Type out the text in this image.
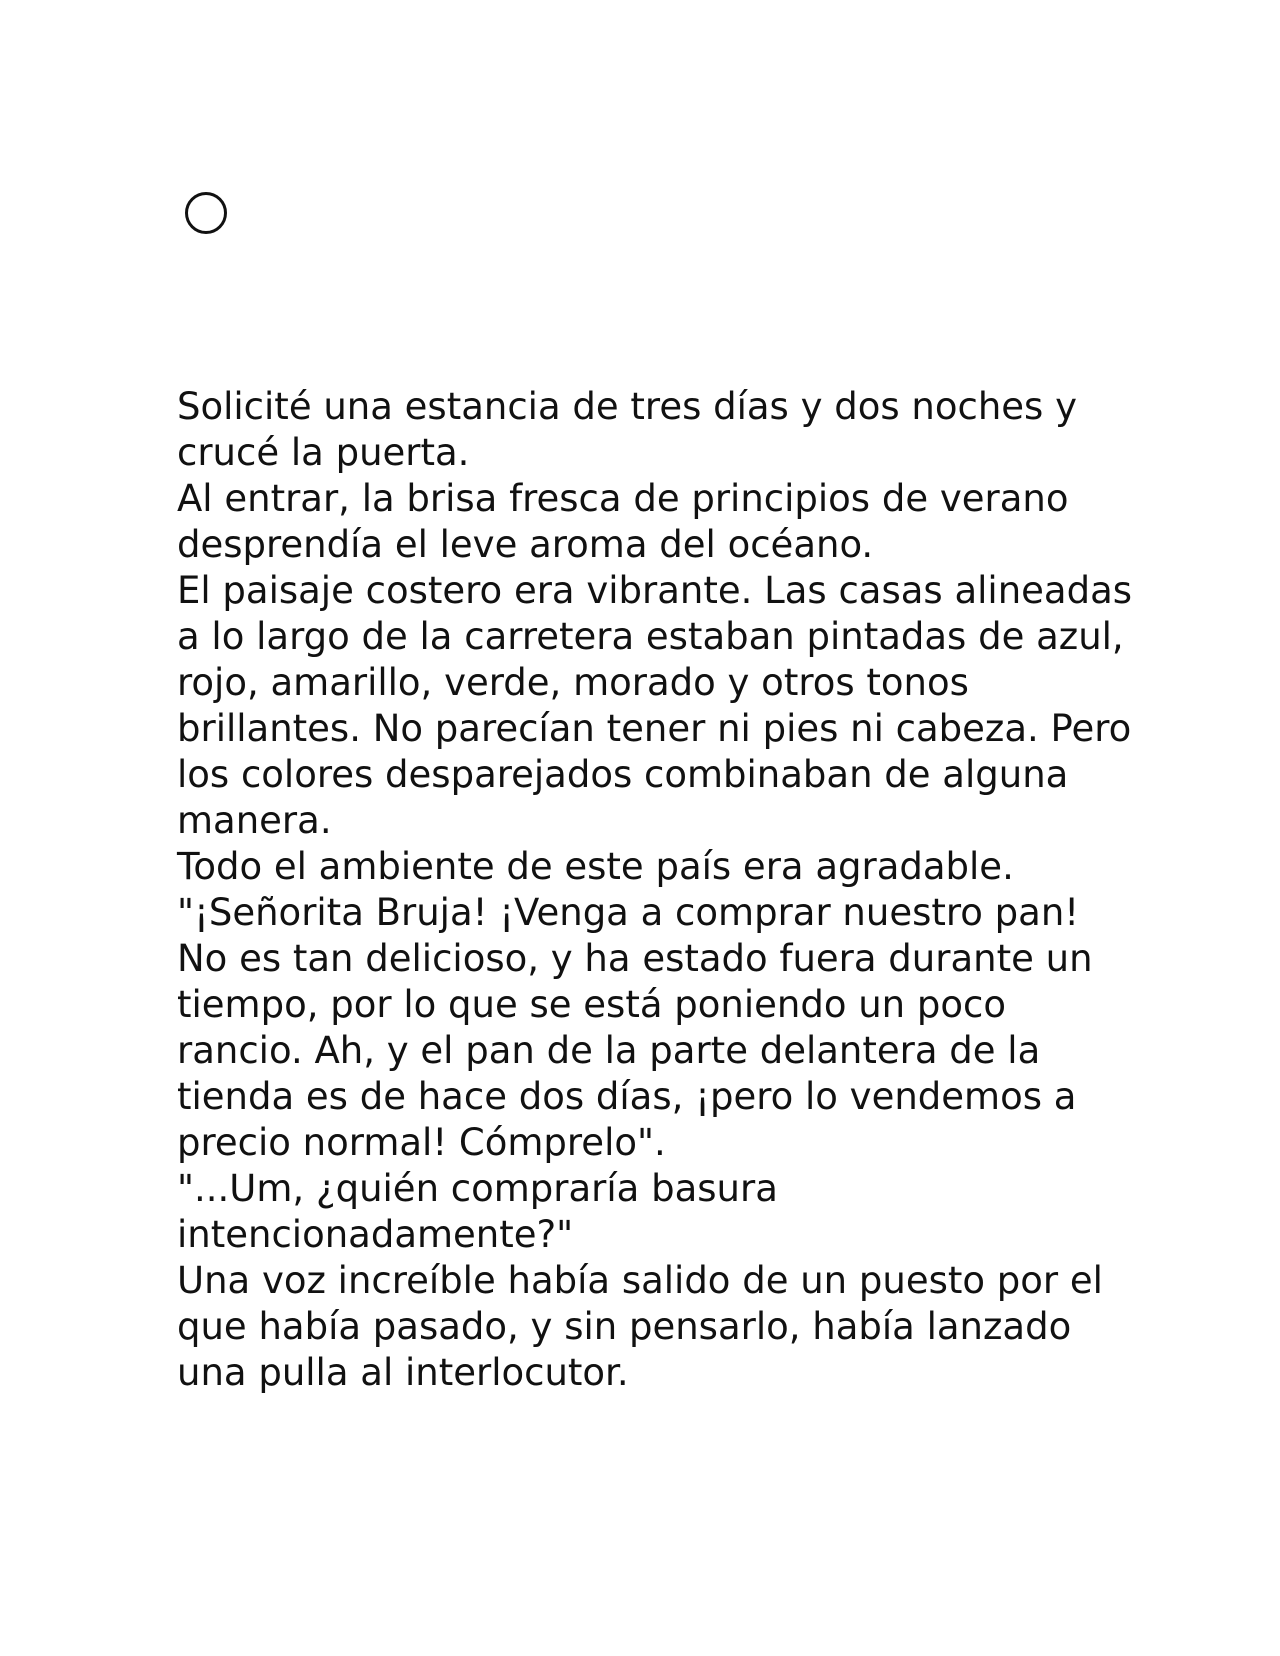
Solicité una estancia de tres días y dos noches y crucé la puerta.

Al entrar, la brisa fresca de principios de verano desprendía el leve aroma del océano.

El paisaje costero era vibrante. Las casas alineadas a lo largo de la carretera estaban pintadas de azul, rojo, amarillo, verde, morado y otros tonos brillantes. No parecían tener ni pies ni cabeza. Pero los colores desparejados combinaban de alguna manera.

Todo el ambiente de este país era agradable.

"¡Señorita Bruja! ¡Venga a comprar nuestro pan! No es tan delicioso, y ha estado fuera durante un tiempo, por lo que se está poniendo un poco rancio. Ah, y el pan de la parte delantera de la tienda es de hace dos días, ¡pero lo vendemos a precio normal! Cómprelo".

"...Um, ¿quién compraría basura intencionadamente?"

Una voz increíble había salido de un puesto por el que había pasado, y sin pensarlo, había lanzado una pulla al interlocutor.
